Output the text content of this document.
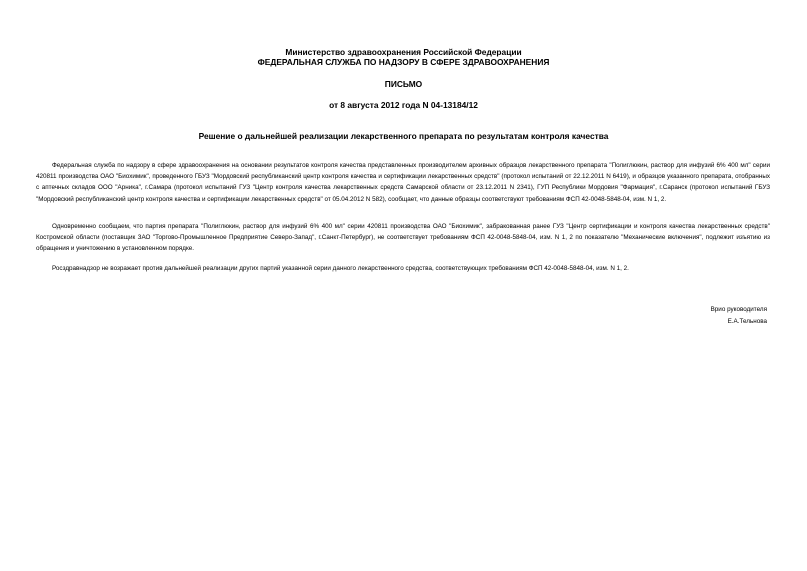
Министерство здравоохранения Российской Федерации
ФЕДЕРАЛЬНАЯ СЛУЖБА ПО НАДЗОРУ В СФЕРЕ ЗДРАВООХРАНЕНИЯ
ПИСЬМО
от 8 августа 2012 года N 04-13184/12
Решение о дальнейшей реализации лекарственного препарата по результатам контроля качества

Федеральная служба по надзору в сфере здравоохранения на основании результатов контроля качества представленных производителем архивных образцов лекарственного препарата "Полиглюкин, раствор для инфузий 6% 400 мл" серии 420811 производства ОАО "Биохимик", проведенного ГБУЗ "Мордовский республиканский центр контроля качества и сертификации лекарственных средств" (протокол испытаний от 22.12.2011 N 6419), и образцов указанного препарата, отобранных с аптечных складов ООО "Арника", г.Самара (протокол испытаний ГУЗ "Центр контроля качества лекарственных средств Самарской области от 23.12.2011 N 2341), ГУП Республики Мордовия "Фармация", г.Саранск (протокол испытаний ГБУЗ "Мордовский республиканский центр контроля качества и сертификации лекарственных средств" от 05.04.2012 N 582), сообщает, что данные образцы соответствуют требованиям ФСП 42-0048-5848-04, изм. N 1, 2.

Одновременно сообщаем, что партия препарата "Полиглюкин, раствор для инфузий 6% 400 мл" серии 420811 производства ОАО "Биохимик", забракованная ранее ГУЗ "Центр сертификации и контроля качества лекарственных средств" Костромской области (поставщик ЗАО "Торгово-Промышленное Предприятие Северо-Запад", г.Санкт-Петербург), не соответствует требованиям ФСП 42-0048-5848-04, изм. N 1, 2 по показателю "Механические включения", подлежит изъятию из обращения и уничтожению в установленном порядке.

Росздравнадзор не возражает против дальнейшей реализации других партий указанной серии данного лекарственного средства, соответствующих требованиям ФСП 42-0048-5848-04, изм. N 1, 2.

Врио руководителя
Е.А.Тельнова
